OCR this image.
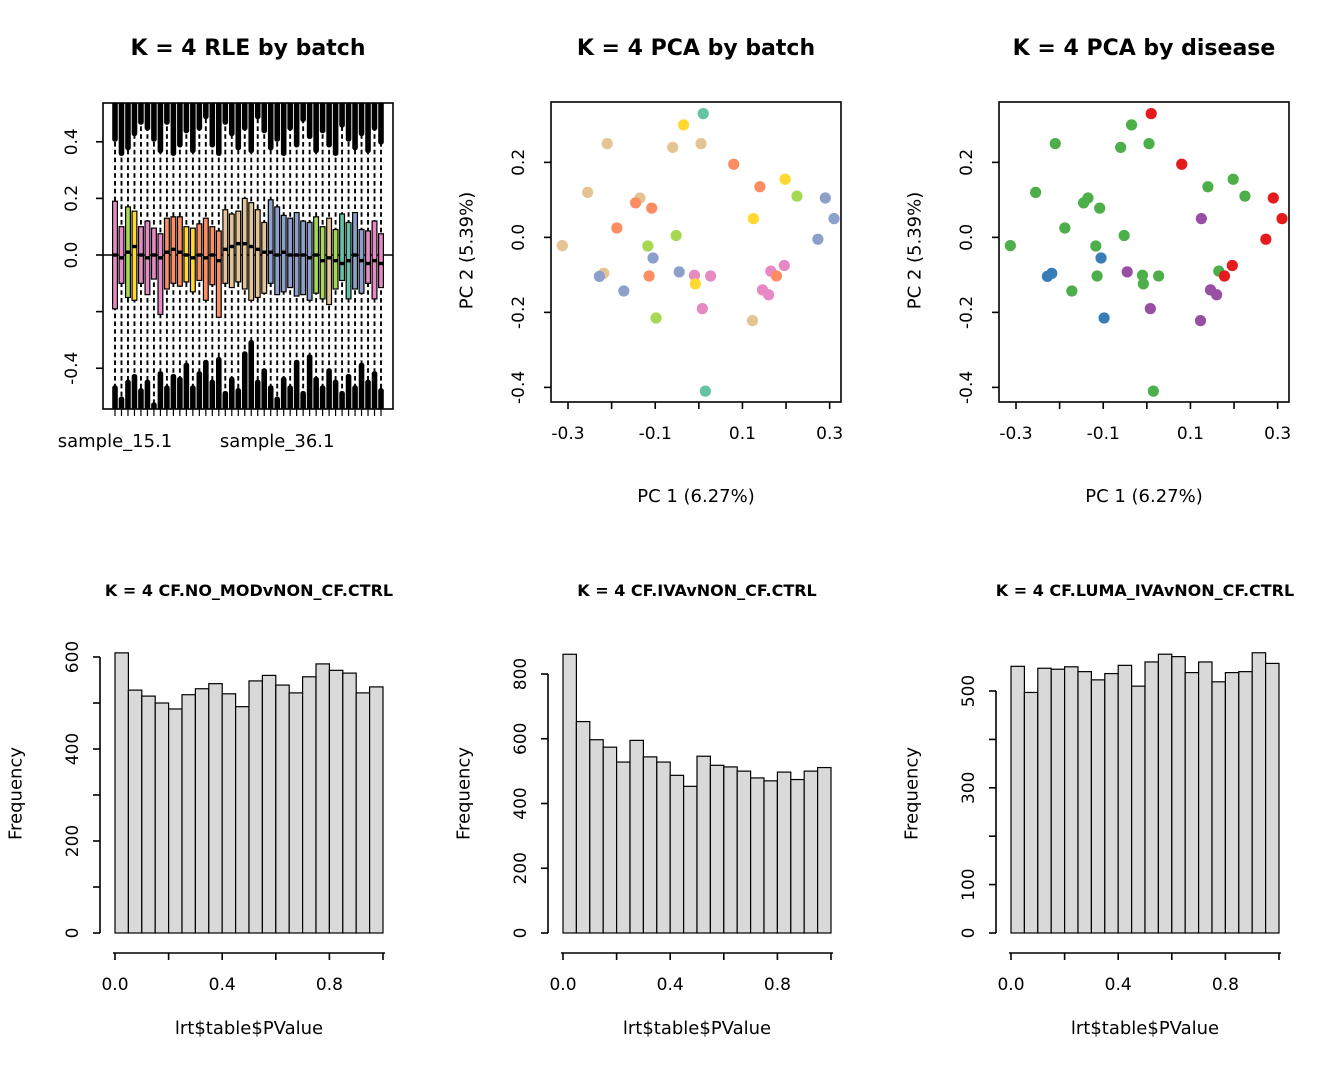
0.4
0.2
0.0
-0.4
sample_15.1	sample_36.1	-0.3	-0.1	0.1	0.3
0.2
0.0
-0.2
-0.4
-0.3	-0.1	0.1	0.3
0.2
0.0
-0.2
-0.4
0
200
400
600
0.0	0.4	0.8
0
200
400
600
800
0.0	0.4	0.8
0
100
300
500
0.0	0.4	0.8
K = 4 RLE by batch	K = 4 PCA by batch	K = 4 PCA by disease
K = 4 CF.NO_MODvNON_CF.CTRL	K = 4 CF.IVAvNON_CF.CTRL	K = 4 CF.LUMA_IVAvNON_CF.CTRL
PC 1 (6.27%)	PC 1 (6.27%)
PC 2 (5.39%)	PC 2 (5.39%)
lrt$table$PValue	lrt$table$PValue	lrt$table$PValue
Frequency	Frequency	Frequency
